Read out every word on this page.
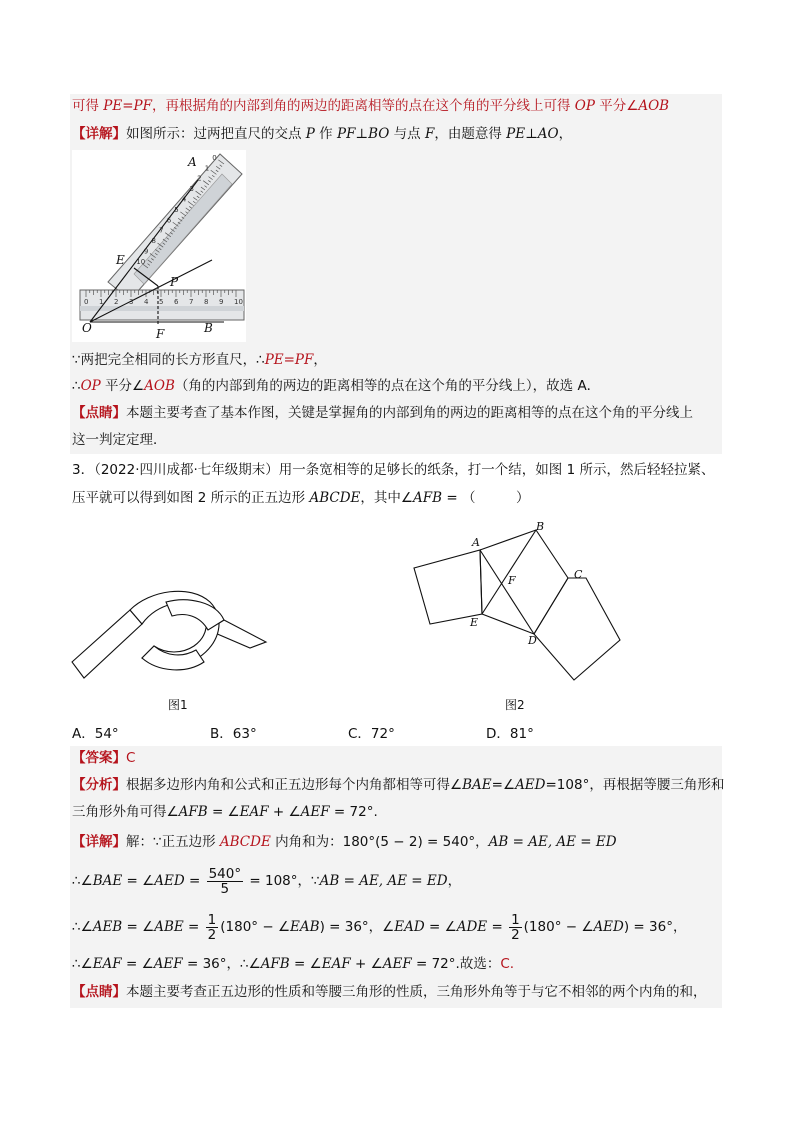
可得 PE=PF，再根据角的内部到角的两边的距离相等的点在这个角的平分线上可得 OP 平分∠AOB
【详解】如图所示：过两把直尺的交点 P 作 PF⊥BO 与点 F，由题意得 PE⊥AO，
0
1
2
3
4
5
6
7
8
9
10
0 1 2 3 4 5 6 7 8 9 10
A
E
P
O	F	B
∵两把完全相同的长方形直尺，∴PE=PF，
∴OP 平分∠AOB（角的内部到角的两边的距离相等的点在这个角的平分线上），故选 A．
【点睛】本题主要考查了基本作图，关键是掌握角的内部到角的两边的距离相等的点在这个角的平分线上
这一判定定理．
3．（2022·四川成都·七年级期末）用一条宽相等的足够长的纸条，打一个结，如图 1 所示，然后轻轻拉紧、
压平就可以得到如图 2 所示的正五边形 ABCDE，其中∠AFB = （　　　）
图1
A
B
C
D
E
F
图2
A．54°	B．63°	C．72°	D．81°
【答案】C
【分析】根据多边形内角和公式和正五边形每个内角都相等可得∠BAE=∠AED=108°，再根据等腰三角形和
三角形外角可得∠AFB = ∠EAF + ∠AEF = 72°.
【详解】解：∵正五边形 ABCDE 内角和为：180°(5 − 2) = 540°，AB = AE, AE = ED
∴∠BAE = ∠AED = $\frac{540^\circ}{5} = 108^\circ$，∵AB = AE, AE = ED，
∴∠AEB = ∠ABE = $\frac{1}{2} (180^\circ$ − ∠EAB) = 36°，∠EAD = ∠ADE = $\frac{1}{2} (180^\circ$ − ∠AED) = 36°，
∴∠EAF = ∠AEF = 36°，∴∠AFB = ∠EAF + ∠AEF = 72°.故选：C.
【点睛】本题主要考查正五边形的性质和等腰三角形的性质，三角形外角等于与它不相邻的两个内角的和，
